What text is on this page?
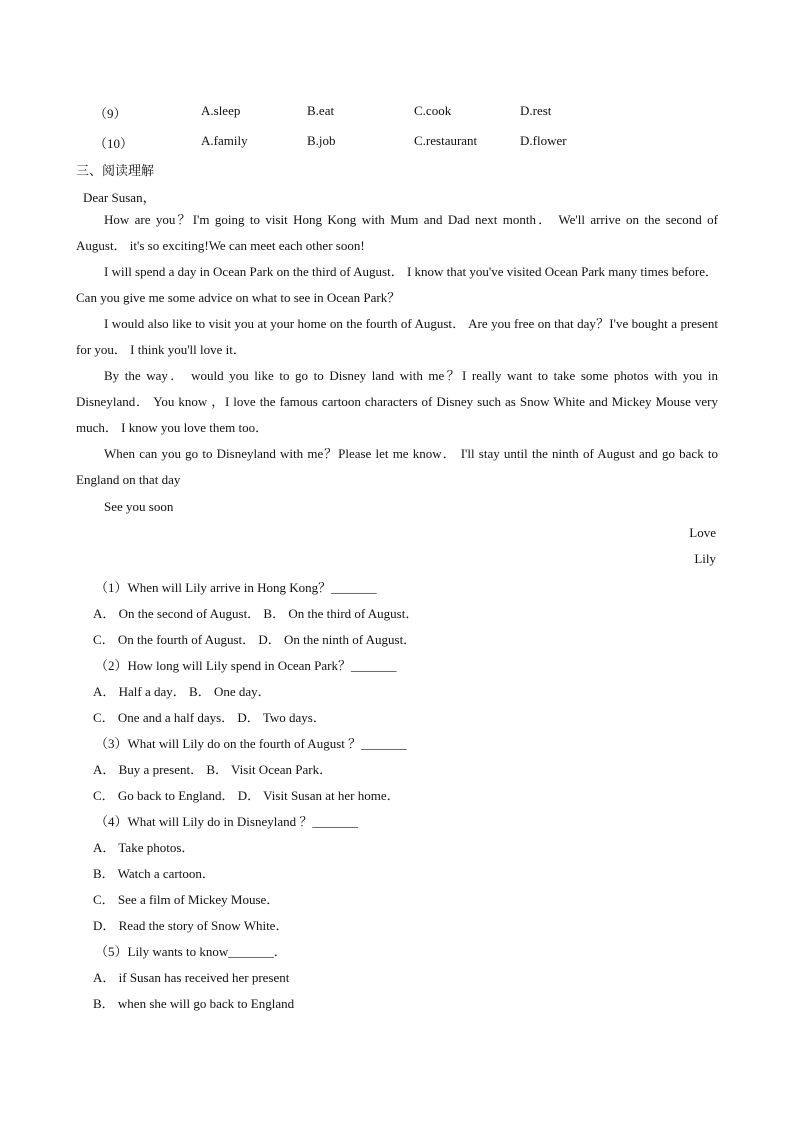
（9）	A.sleep	B.eat	C.cook	D.rest
（10）	A.family	B.job	C.restaurant	D.flower
三、阅读理解
Dear Susan，
How are you？I'm going to visit Hong Kong with Mum and Dad next month． We'll arrive on the second of August． it's so exciting!We can meet each other soon!
I will spend a day in Ocean Park on the third of August． I know that you've visited Ocean Park many times before． Can you give me some advice on what to see in Ocean Park？
I would also like to visit you at your home on the fourth of August． Are you free on that day？I've bought a present for you． I think you'll love it．
By the way． would you like to go to Disney land with me？I really want to take some photos with you in Disneyland． You know ，I love the famous cartoon characters of Disney such as Snow White and Mickey Mouse very much． I know you love them too．
When can you go to Disneyland with me？Please let me know． I'll stay until the ninth of August and go back to England on that day
See you soon
Love
Lily
（1）When will Lily arrive in Hong Kong？_______
A． On the second of August． B． On the third of August．
C． On the fourth of August． D． On the ninth of August．
（2）How long will Lily spend in Ocean Park？_______
A． Half a day． B． One day．
C． One and a half days． D． Two days．
（3）What will Lily do on the fourth of August ？_______
A． Buy a present． B． Visit Ocean Park．
C． Go back to England． D． Visit Susan at her home．
（4）What will Lily do in Disneyland ？_______
A． Take photos．
B． Watch a cartoon．
C． See a film of Mickey Mouse．
D． Read the story of Snow White．
（5）Lily wants to know_______．
A． if Susan has received her present
B． when she will go back to England
